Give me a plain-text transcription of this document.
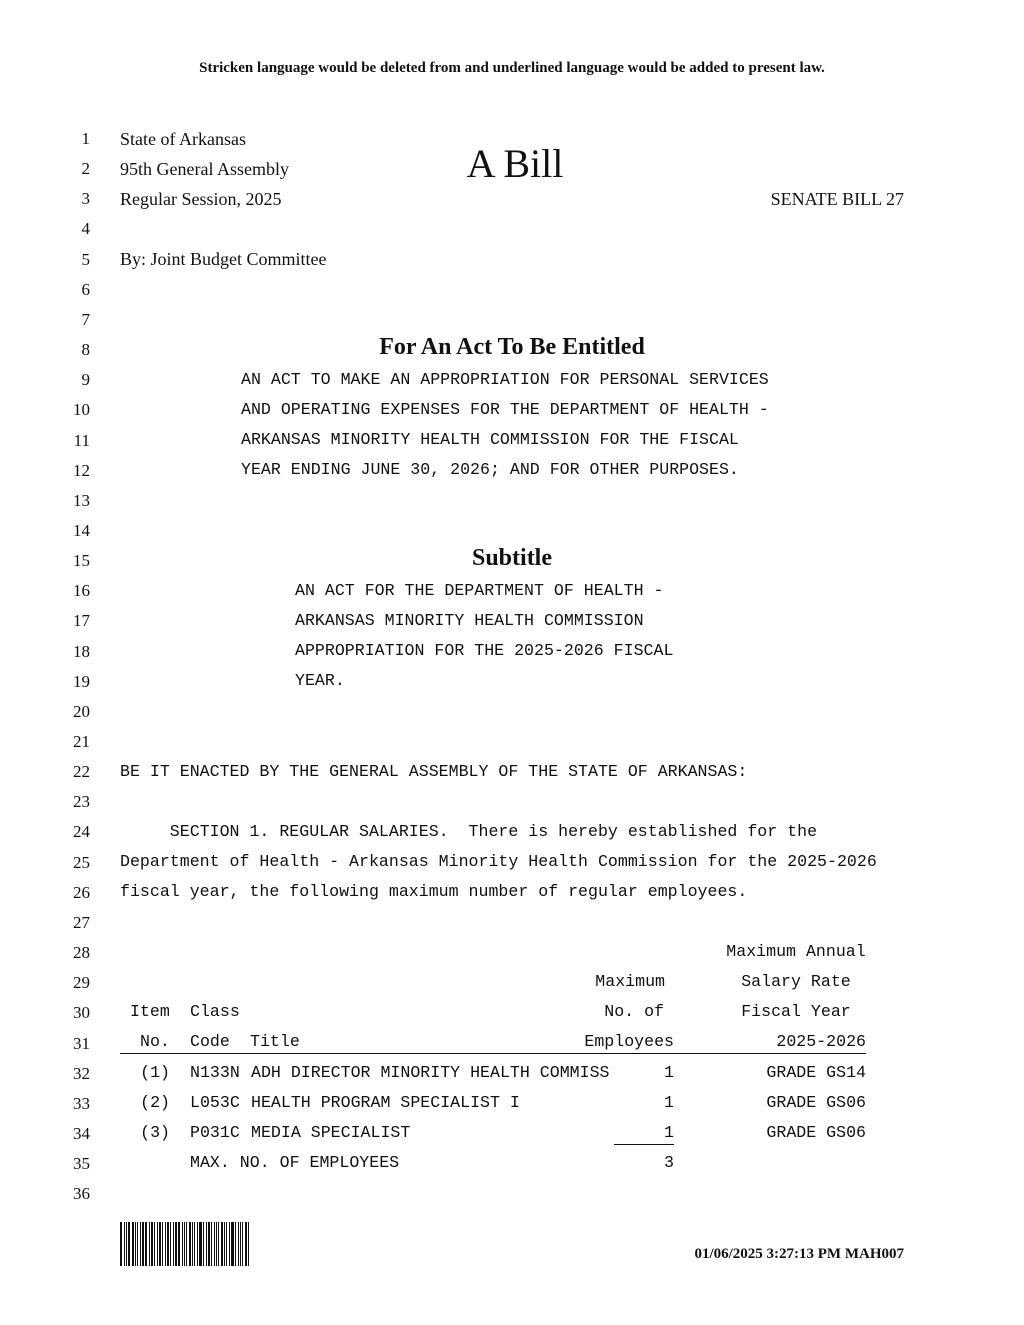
Stricken language would be deleted from and underlined language would be added to present law.
1
2
3
4
5
6
7
8
9
10
11
12
13
14
15
16
17
18
19
20
21
22
23
24
25
26
27
28
29
30
31
32
33
34
35
36
State of Arkansas
95th General Assembly
Regular Session, 2025
A Bill
SENATE BILL 27
By: Joint Budget Committee
For An Act To Be Entitled
AN ACT TO MAKE AN APPROPRIATION FOR PERSONAL SERVICES
AND OPERATING EXPENSES FOR THE DEPARTMENT OF HEALTH -
ARKANSAS MINORITY HEALTH COMMISSION FOR THE FISCAL
YEAR ENDING JUNE 30, 2026; AND FOR OTHER PURPOSES.
Subtitle
AN ACT FOR THE DEPARTMENT OF HEALTH -
ARKANSAS MINORITY HEALTH COMMISSION
APPROPRIATION FOR THE 2025-2026 FISCAL
YEAR.
BE IT ENACTED BY THE GENERAL ASSEMBLY OF THE STATE OF ARKANSAS:
SECTION 1. REGULAR SALARIES.  There is hereby established for the
Department of Health - Arkansas Minority Health Commission for the 2025-2026
fiscal year, the following maximum number of regular employees.
Maximum Annual
Maximum	Salary Rate
Item Class	No. of	Fiscal Year
No. Code Title	Employees	2025-2026
(1) N133N ADH DIRECTOR MINORITY HEALTH COMMISS	1	GRADE GS14
(2) L053C HEALTH PROGRAM SPECIALIST I	1	GRADE GS06
(3) P031C MEDIA SPECIALIST	1	GRADE GS06
MAX. NO. OF EMPLOYEES	3
01/06/2025 3:27:13 PM MAH007
